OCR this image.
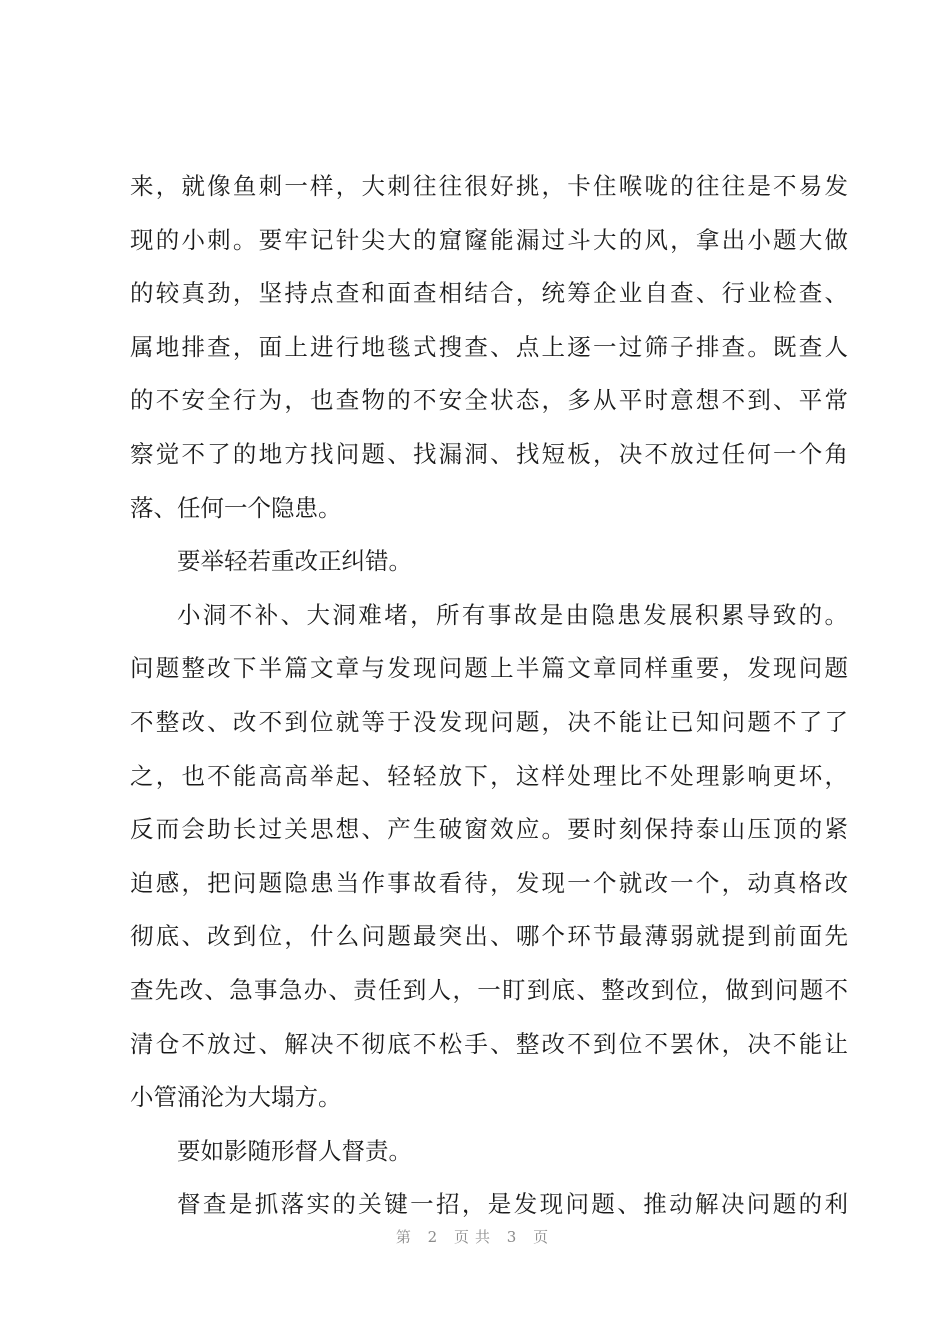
来，就像鱼刺一样，大刺往往很好挑，卡住喉咙的往往是不易发
现的小刺。要牢记针尖大的窟窿能漏过斗大的风，拿出小题大做
的较真劲，坚持点查和面查相结合，统筹企业自查、行业检查、
属地排查，面上进行地毯式搜查、点上逐一过筛子排查。既查人
的不安全行为，也查物的不安全状态，多从平时意想不到、平常
察觉不了的地方找问题、找漏洞、找短板，决不放过任何一个角
落、任何一个隐患。
要举轻若重改正纠错。
小洞不补、大洞难堵，所有事故是由隐患发展积累导致的。
问题整改下半篇文章与发现问题上半篇文章同样重要，发现问题
不整改、改不到位就等于没发现问题，决不能让已知问题不了了
之，也不能高高举起、轻轻放下，这样处理比不处理影响更坏，
反而会助长过关思想、产生破窗效应。要时刻保持泰山压顶的紧
迫感，把问题隐患当作事故看待，发现一个就改一个，动真格改
彻底、改到位，什么问题最突出、哪个环节最薄弱就提到前面先
查先改、急事急办、责任到人，一盯到底、整改到位，做到问题不
清仓不放过、解决不彻底不松手、整改不到位不罢休，决不能让
小管涌沦为大塌方。
要如影随形督人督责。
督查是抓落实的关键一招，是发现问题、推动解决问题的利
第 2 页共 3 页
